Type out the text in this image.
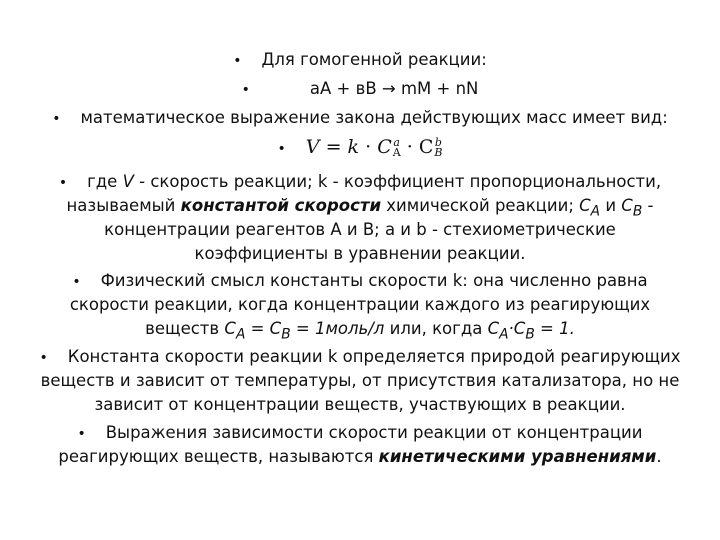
• Для гомогенной реакции:
•	aA + вB → mM + nN
• математическое выражение закона действующих масс имеет вид:
• V = k · C a
A · C b
B
• где V - скорость реакции; k - коэффициент пропорциональности,
называемый константой скорости химической реакции; $C_A$ и $C_B$ -
концентрации реагентов А и В; a и b - стехиометрические
коэффициенты в уравнении реакции.
• Физический смысл константы скорости k: она численно равна
скорости реакции, когда концентрации каждого из реагирующих
веществ $C_A = C_B$ = 1моль/л или, когда $C_A\cdot C_B = 1$.
• Константа скорости реакции k определяется природой реагирующих
веществ и зависит от температуры, от присутствия катализатора, но не
зависит от концентрации веществ, участвующих в реакции.
• Выражения зависимости скорости реакции от концентрации
реагирующих веществ, называются кинетическими уравнениями.
